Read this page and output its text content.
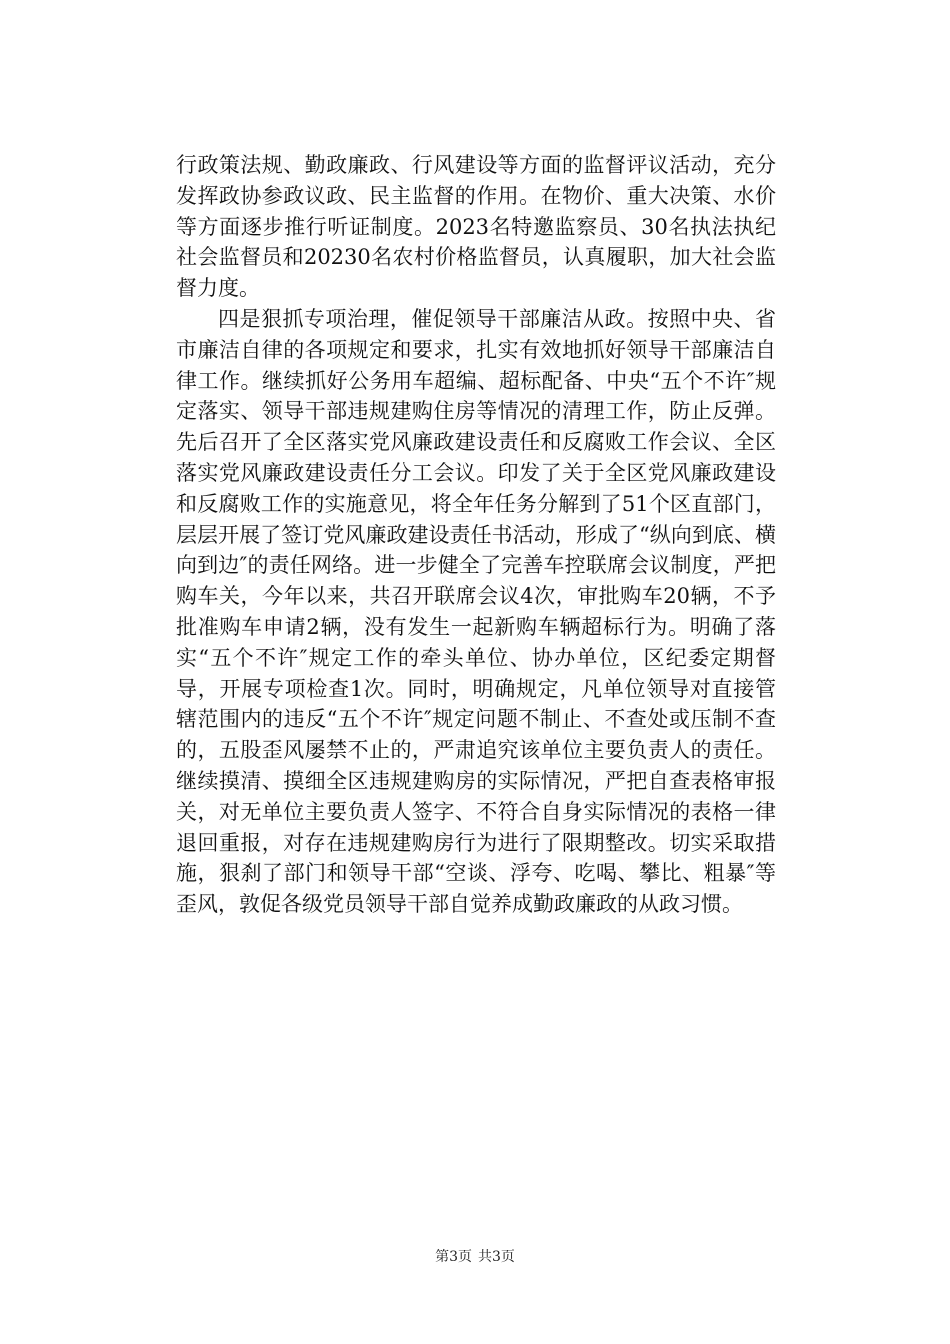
行政策法规、勤政廉政、行风建设等方面的监督评议活动，充分发挥政协参政议政、民主监督的作用。在物价、重大决策、水价等方面逐步推行听证制度。2023名特邀监察员、30名执法执纪社会监督员和20230名农村价格监督员，认真履职，加大社会监督力度。

四是狠抓专项治理，催促领导干部廉洁从政。按照中央、省市廉洁自律的各项规定和要求，扎实有效地抓好领导干部廉洁自律工作。继续抓好公务用车超编、超标配备、中央“五个不许″规定落实、领导干部违规建购住房等情况的清理工作，防止反弹。先后召开了全区落实党风廉政建设责任和反腐败工作会议、全区落实党风廉政建设责任分工会议。印发了关于全区党风廉政建设和反腐败工作的实施意见，将全年任务分解到了51个区直部门，层层开展了签订党风廉政建设责任书活动，形成了“纵向到底、横向到边″的责任网络。进一步健全了完善车控联席会议制度，严把购车关，今年以来，共召开联席会议4次，审批购车20辆，不予批准购车申请2辆，没有发生一起新购车辆超标行为。明确了落实“五个不许″规定工作的牵头单位、协办单位，区纪委定期督导，开展专项检查1次。同时，明确规定，凡单位领导对直接管辖范围内的违反“五个不许″规定问题不制止、不查处或压制不查的，五股歪风屡禁不止的，严肃追究该单位主要负责人的责任。继续摸清、摸细全区违规建购房的实际情况，严把自查表格审报关，对无单位主要负责人签字、不符合自身实际情况的表格一律退回重报，对存在违规建购房行为进行了限期整改。切实采取措施，狠刹了部门和领导干部“空谈、浮夸、吃喝、攀比、粗暴″等歪风，敦促各级党员领导干部自觉养成勤政廉政的从政习惯。

第3页 共3页
